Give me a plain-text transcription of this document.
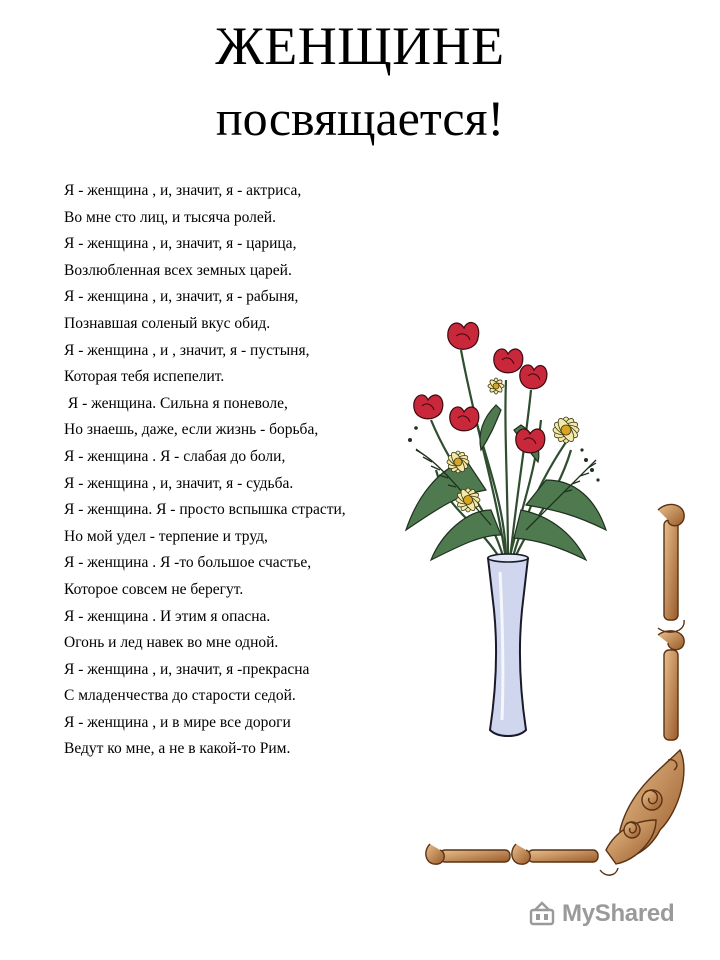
ЖЕНЩИНЕ
посвящается!
Я - женщина , и, значит, я - актриса,
Во мне сто лиц, и тысяча ролей.
Я - женщина , и, значит, я - царица,
Возлюбленная всех земных царей.
Я - женщина , и, значит, я - рабыня,
Познавшая соленый вкус обид.
Я - женщина , и , значит, я - пустыня,
Которая тебя испепелит.
Я - женщина. Сильна я поневоле,
Но знаешь, даже, если жизнь - борьба,
Я - женщина . Я - слабая до боли,
Я - женщина , и, значит, я - судьба.
Я - женщина. Я - просто вспышка страсти,
Но мой удел - терпение и труд,
Я - женщина . Я -то большое счастье,
Которое совсем не берегут.
Я - женщина . И этим я опасна.
Огонь и лед навек во мне одной.
Я - женщина , и, значит, я -прекрасна
С младенчества до старости седой.
Я - женщина , и в мире все дороги
Ведут ко мне, а не в какой-то Рим.
MyShared
